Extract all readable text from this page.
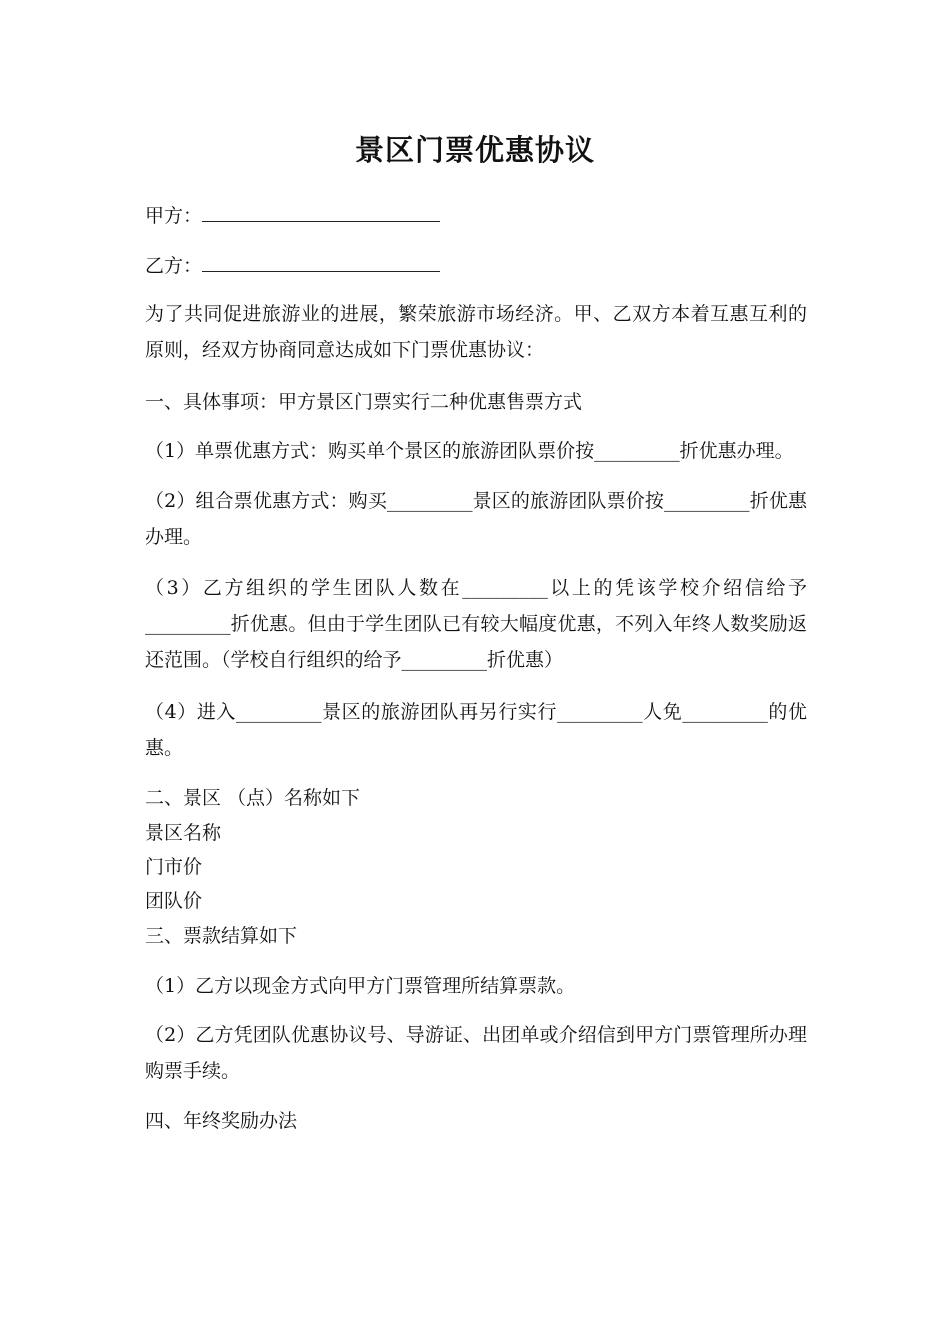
景区门票优惠协议

甲方：

乙方：

为了共同促进旅游业的进展，繁荣旅游市场经济。甲、乙双方本着互惠互利的原则，经双方协商同意达成如下门票优惠协议：

一、具体事项：甲方景区门票实行二种优惠售票方式

（1）单票优惠方式：购买单个景区的旅游团队票价按_________折优惠办理。

（2）组合票优惠方式：购买_________景区的旅游团队票价按_________折优惠办理。

（3）乙方组织的学生团队人数在_________以上的凭该学校介绍信给予_________折优惠。但由于学生团队已有较大幅度优惠，不列入年终人数奖励返还范围。（学校自行组织的给予_________折优惠）

（4）进入_________景区的旅游团队再另行实行_________人免_________的优惠。

二、景区 （点）名称如下

景区名称

门市价

团队价

三、票款结算如下

（1）乙方以现金方式向甲方门票管理所结算票款。

（2）乙方凭团队优惠协议号、导游证、出团单或介绍信到甲方门票管理所办理购票手续。

四、年终奖励办法
